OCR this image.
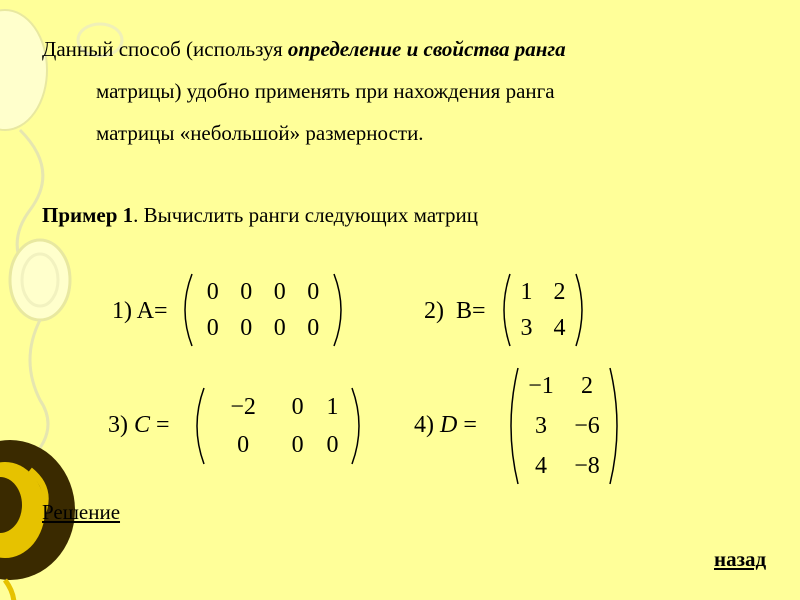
Данный способ (используя определение и свойства ранга
матрицы) удобно применять при нахождения ранга
матрицы «небольшой» размерности.
Пример 1. Вычислить ранги следующих матриц
1) A=
0	0	0	0
0	0	0	0
2) B=
1	2
3	4
3) C =
−2	0	1
0	0	0
4) D =
−1	2
3	−6
4	−8
Решение
назад
